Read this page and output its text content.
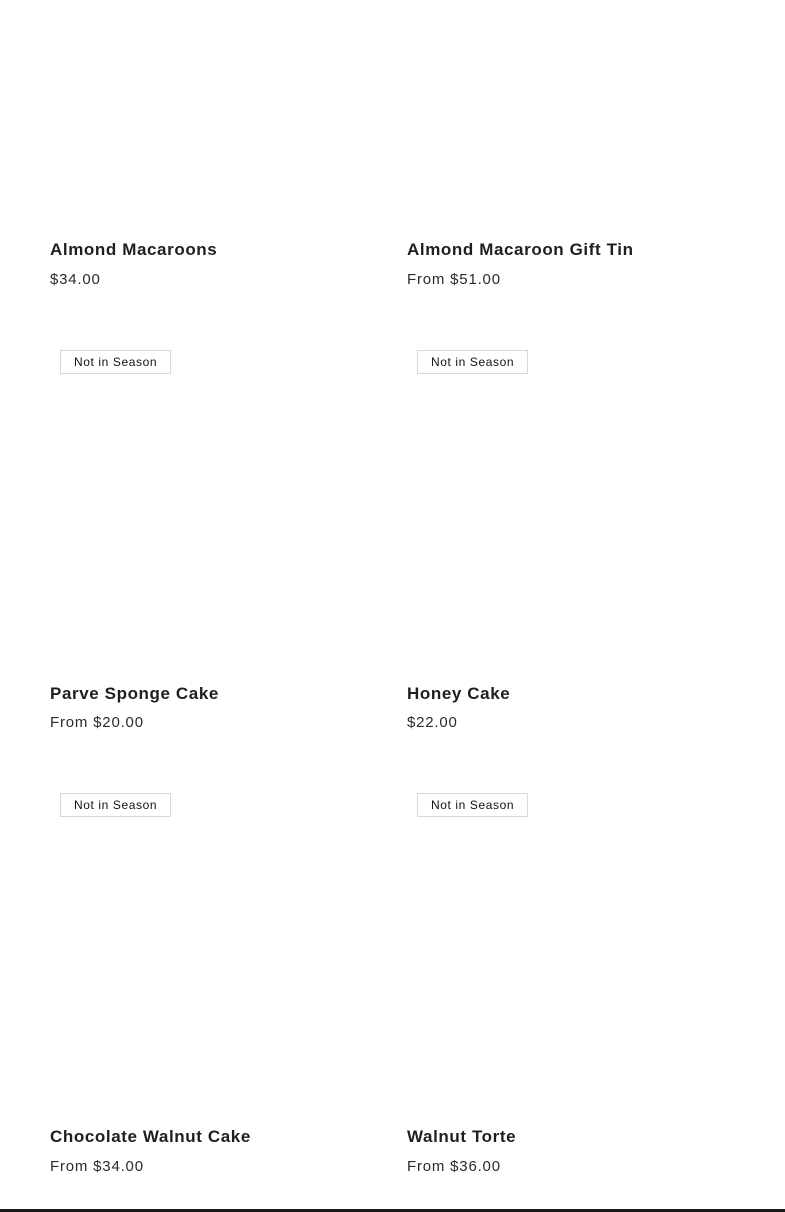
Almond Macaroons
$34.00
Almond Macaroon Gift Tin
From $51.00
Not in Season
Parve Sponge Cake
From $20.00
Not in Season
Honey Cake
$22.00
Not in Season
Chocolate Walnut Cake
From $34.00
Not in Season
Walnut Torte
From $36.00
